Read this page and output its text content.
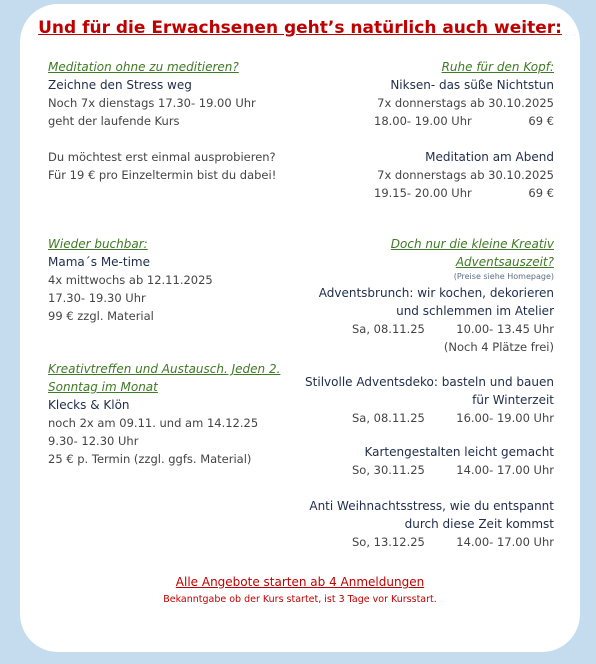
Und für die Erwachsenen geht’s natürlich auch weiter:
Meditation ohne zu meditieren?
Zeichne den Stress weg
Noch 7x dienstags 17.30- 19.00 Uhr
geht der laufende Kurs
Du möchtest erst einmal ausprobieren?
Für 19 € pro Einzeltermin bist du dabei!
Wieder buchbar:
Mama´s Me-time
4x mittwochs ab 12.11.2025
17.30- 19.30 Uhr
99 € zzgl. Material
Kreativtreffen und Austausch. Jeden 2.
Sonntag im Monat
Klecks & Klön
noch 2x am 09.11. und am 14.12.25
9.30- 12.30 Uhr
25 € p. Termin (zzgl. ggfs. Material)
Ruhe für den Kopf:
Niksen- das süße Nichtstun
7x donnerstags ab 30.10.2025
18.00- 19.00 Uhr	69 €
Meditation am Abend
7x donnerstags ab 30.10.2025
19.15- 20.00 Uhr	69 €
Doch nur die kleine Kreativ
Adventsauszeit?
(Preise siehe Homepage)
Adventsbrunch: wir kochen, dekorieren
und schlemmen im Atelier
Sa, 08.11.25	10.00- 13.45 Uhr
(Noch 4 Plätze frei)
Stilvolle Adventsdeko: basteln und bauen
für Winterzeit
Sa, 08.11.25	16.00- 19.00 Uhr
Kartengestalten leicht gemacht
So, 30.11.25	14.00- 17.00 Uhr
Anti Weihnachtsstress, wie du entspannt
durch diese Zeit kommst
So, 13.12.25	14.00- 17.00 Uhr
Alle Angebote starten ab 4 Anmeldungen
Bekanntgabe ob der Kurs startet, ist 3 Tage vor Kursstart.
